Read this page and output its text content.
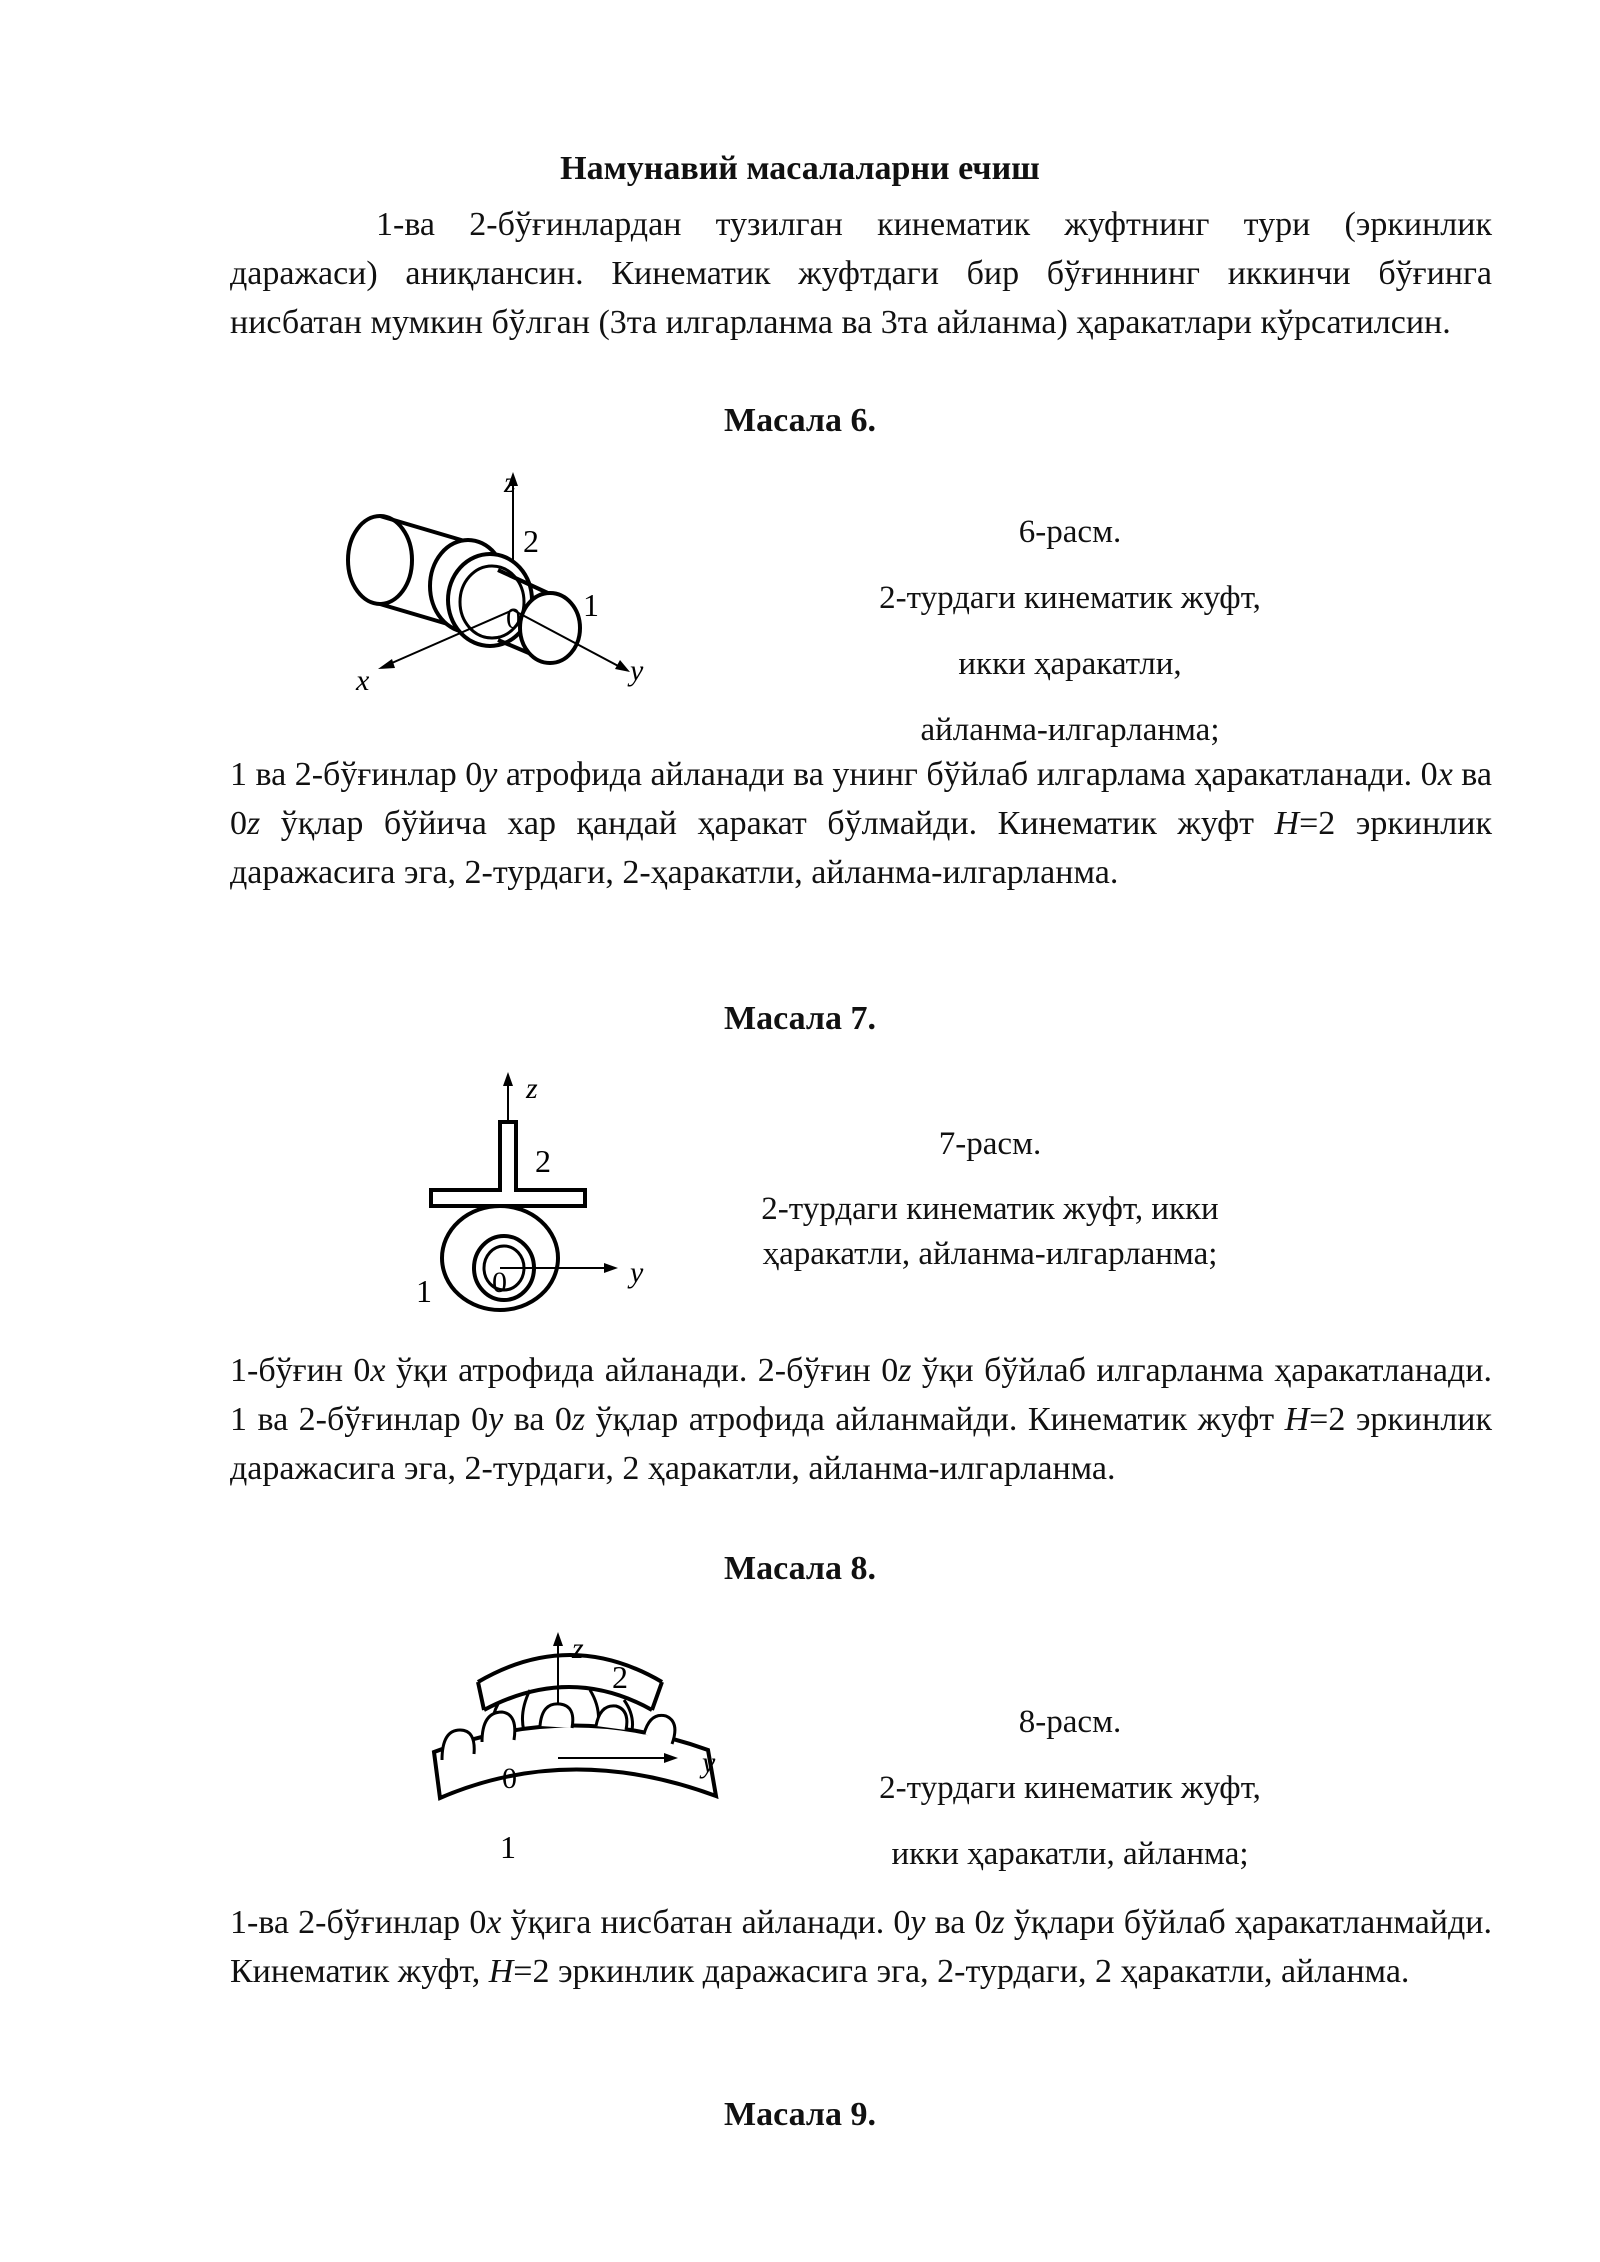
Намунавий масалаларни ечиш

1-ва 2-бўғинлардан тузилган кинематик жуфтнинг тури (эркинлик даражаси) аниқлансин. Кинематик жуфтдаги бир бўғиннинг иккинчи бўғинга нисбатан мумкин бўлган (3та илгарланма ва 3та айланма) ҳаракатлари кўрсатилсин.

Масала 6.
z
2
1
0
x	y
6-расм.
2-турдаги кинематик жуфт,
икки ҳаракатли,
айланма-илгарланма;

1 ва 2-бўғинлар 0y атрофида айланади ва унинг бўйлаб илгарлама ҳаракатланади. 0x ва 0z ўқлар бўйича хар қандай ҳаракат бўлмайди. Кинематик жуфт H=2 эркинлик даражасига эга, 2-турдаги, 2-ҳаракатли, айланма-илгарланма.

Масала 7.
z
2
1 0	y
7-расм.
2-турдаги кинематик жуфт, икки ҳаракатли, айланма-илгарланма;

1-бўғин 0x ўқи атрофида айланади. 2-бўғин 0z ўқи бўйлаб илгарланма ҳаракатланади. 1 ва 2-бўғинлар 0y ва 0z ўқлар атрофида айланмайди. Кинематик жуфт H=2 эркинлик даражасига эга, 2-турдаги, 2 ҳаракатли, айланма-илгарланма.

Масала 8.
z
2
0
1
y
8-расм.
2-турдаги кинематик жуфт,
икки ҳаракатли, айланма;

1-ва 2-бўғинлар 0x ўқига нисбатан айланади. 0y ва 0z ўқлари бўйлаб ҳаракатланмайди. Кинематик жуфт, H=2 эркинлик даражасига эга, 2-турдаги, 2 ҳаракатли, айланма.

Масала 9.
